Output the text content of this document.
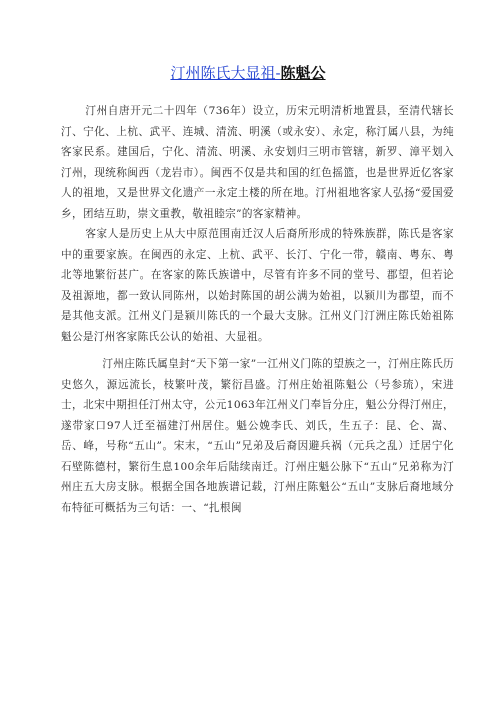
汀州陈氏大显祖-陈魁公

汀州自唐开元二十四年（736年）设立，历宋元明清析地置县，至清代辖长汀、宁化、上杭、武平、连城、清流、明溪（或永安）、永定，称汀属八县，为纯客家民系。建国后，宁化、清流、明溪、永安划归三明市管辖，新罗、漳平划入汀州，现统称闽西（龙岩市）。闽西不仅是共和国的红色摇篮，也是世界近亿客家人的祖地，又是世界文化遗产一永定土楼的所在地。汀州祖地客家人弘扬“爱国爱乡，团结互助，崇文重教，敬祖睦宗”的客家精神。

客家人是历史上从大中原范围南迁汉人后裔所形成的特殊族群，陈氏是客家中的重要家族。在闽西的永定、上杭、武平、长汀、宁化一带，赣南、粤东、粤北等地繁衍甚广。在客家的陈氏族谱中，尽管有许多不同的堂号、郡望，但若论及祖源地，都一致认同陈州，以始封陈国的胡公满为始祖，以颍川为郡望，而不是其他支派。江州义门是颍川陈氏的一个最大支脉。江州义门汀洲庄陈氏始祖陈魁公是汀州客家陈氏公认的始祖、大显祖。

汀州庄陈氏属皇封“天下第一家”一江州义门陈的望族之一，汀州庄陈氏历史悠久，源远流长，枝繁叶茂，繁衍昌盛。汀州庄始祖陈魁公（号参琉），宋进士，北宋中期担任汀州太守，公元1063年江州义门奉旨分庄，魁公分得汀州庄，遂带家口97人迁至福建汀州居住。魁公娩李氏、刘氏，生五子：昆、仑、嵩、岳、峰，号称“五山”。宋末，“五山”兄弟及后裔因避兵祸（元兵之乱）迁居宁化石壁陈德村，繁衍生息100余年后陆续南迁。汀州庄魁公脉下“五山”兄弟称为汀州庄五大房支脉。根据全国各地族谱记载，汀州庄陈魁公“五山”支脉后裔地域分布特征可概括为三句话：一、“扎根闽
